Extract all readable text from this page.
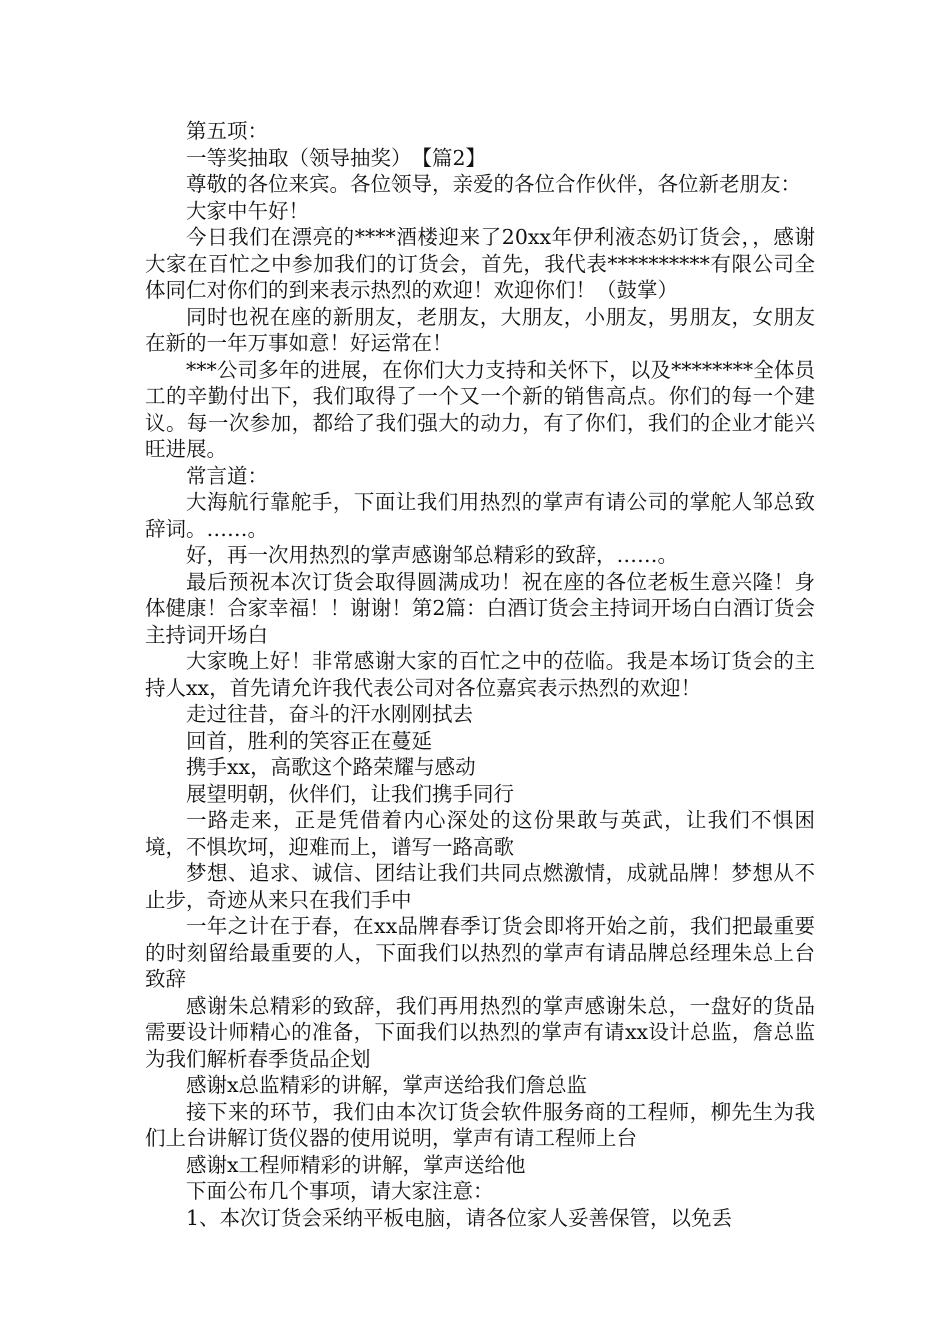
第五项：

一等奖抽取（领导抽奖）　【篇2】

尊敬的各位来宾。各位领导，亲爱的各位合作伙伴，各位新老朋友：

大家中午好！

今日我们在漂亮的****酒楼迎来了20xx年伊利液态奶订货会，，感谢大家在百忙之中参加我们的订货会，首先，我代表**********有限公司全体同仁对你们的到来表示热烈的欢迎！欢迎你们！（鼓掌）

同时也祝在座的新朋友，老朋友，大朋友，小朋友，男朋友，女朋友在新的一年万事如意！好运常在！

***公司多年的进展，在你们大力支持和关怀下，以及********全体员工的辛勤付出下，我们取得了一个又一个新的销售高点。你们的每一个建议。每一次参加，都给了我们强大的动力，有了你们，我们的企业才能兴旺进展。

常言道：

大海航行靠舵手，下面让我们用热烈的掌声有请公司的掌舵人邹总致辞词。……。

好，再一次用热烈的掌声感谢邹总精彩的致辞，……。

最后预祝本次订货会取得圆满成功！祝在座的各位老板生意兴隆！身体健康！合家幸福！！谢谢！第2篇：白酒订货会主持词开场白白酒订货会主持词开场白

大家晚上好！非常感谢大家的百忙之中的莅临。我是本场订货会的主持人xx，首先请允许我代表公司对各位嘉宾表示热烈的欢迎！

走过往昔，奋斗的汗水刚刚拭去

回首，胜利的笑容正在蔓延

携手xx，高歌这个路荣耀与感动

展望明朝，伙伴们，让我们携手同行

一路走来，正是凭借着内心深处的这份果敢与英武，让我们不惧困境，不惧坎坷，迎难而上，谱写一路高歌

梦想、追求、诚信、团结让我们共同点燃激情，成就品牌！梦想从不止步，奇迹从来只在我们手中

一年之计在于春，在xx品牌春季订货会即将开始之前，我们把最重要的时刻留给最重要的人，下面我们以热烈的掌声有请品牌总经理朱总上台致辞

感谢朱总精彩的致辞，我们再用热烈的掌声感谢朱总，一盘好的货品需要设计师精心的准备，下面我们以热烈的掌声有请xx设计总监，詹总监为我们解析春季货品企划

感谢x总监精彩的讲解，掌声送给我们詹总监

接下来的环节，我们由本次订货会软件服务商的工程师，柳先生为我们上台讲解订货仪器的使用说明，掌声有请工程师上台

感谢x工程师精彩的讲解，掌声送给他

下面公布几个事项，请大家注意：

1、本次订货会采纳平板电脑，请各位家人妥善保管，以免丢
